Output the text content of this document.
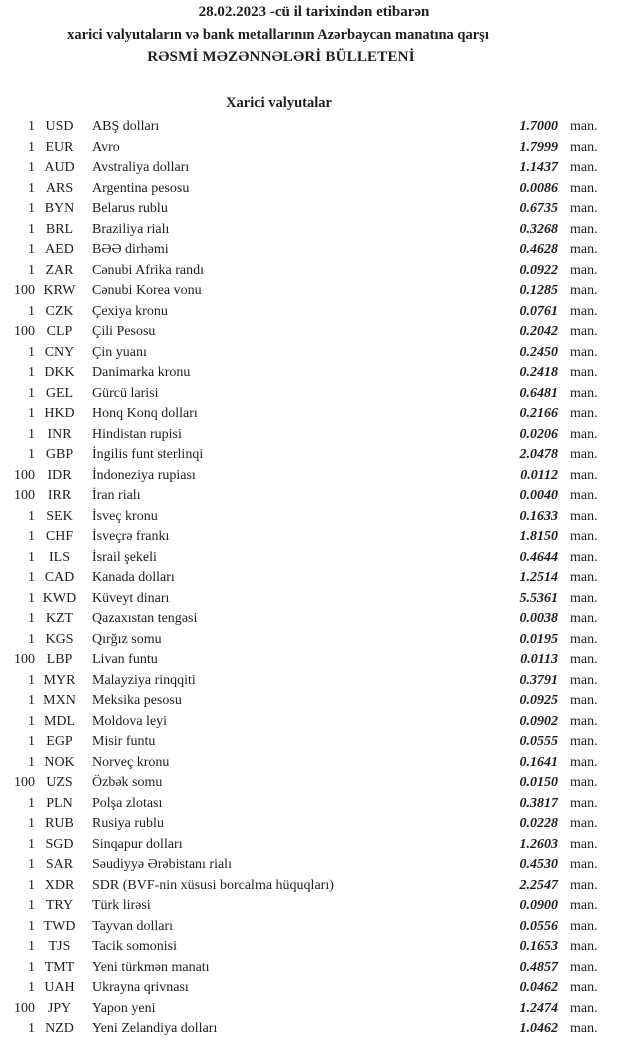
28.02.2023 -cü il tarixindən etibarən
xarici valyutaların və bank metallarının Azərbaycan manatına qarşı
RƏSMİ MƏZƏNNƏLƏRİ BÜLLETENİ
Xarici valyutalar
1 USD	ABŞ dolları	1.7000 man.
1 EUR	Avro	1.7999 man.
1 AUD	Avstraliya dolları	1.1437 man.
1 ARS	Argentina pesosu	0.0086 man.
1 BYN	Belarus rublu	0.6735 man.
1 BRL	Braziliya rialı	0.3268 man.
1 AED	BƏƏ dirhəmi	0.4628 man.
1 ZAR	Cənubi Afrika randı	0.0922 man.
100 KRW	Cənubi Korea vonu	0.1285 man.
1 CZK	Çexiya kronu	0.0761 man.
100 CLP	Çili Pesosu	0.2042 man.
1 CNY	Çin yuanı	0.2450 man.
1 DKK	Danimarka kronu	0.2418 man.
1 GEL	Gürcü larisi	0.6481 man.
1 HKD	Honq Konq dolları	0.2166 man.
1 INR	Hindistan rupisi	0.0206 man.
1 GBP	İngilis funt sterlinqi	2.0478 man.
100 IDR	İndoneziya rupiası	0.0112 man.
100 IRR	İran rialı	0.0040 man.
1 SEK	İsveç kronu	0.1633 man.
1 CHF	İsveçrə frankı	1.8150 man.
1	ILS	İsrail şekeli	0.4644 man.
1 CAD	Kanada dolları	1.2514 man.
1 KWD	Küveyt dinarı	5.5361 man.
1 KZT	Qazaxıstan tengəsi	0.0038 man.
1 KGS	Qırğız somu	0.0195 man.
100 LBP	Livan funtu	0.0113 man.
1 MYR	Malayziya rinqqiti	0.3791 man.
1 MXN	Meksika pesosu	0.0925 man.
1 MDL	Moldova leyi	0.0902 man.
1 EGP	Misir funtu	0.0555 man.
1 NOK	Norveç kronu	0.1641 man.
100 UZS	Özbək somu	0.0150 man.
1 PLN	Polşa zlotası	0.3817 man.
1 RUB	Rusiya rublu	0.0228 man.
1 SGD	Sinqapur dolları	1.2603 man.
1 SAR	Səudiyyə Ərəbistanı rialı	0.4530 man.
1 XDR	SDR (BVF-nin xüsusi borcalma hüquqları)	2.2547 man.
1 TRY	Türk lirəsi	0.0900 man.
1 TWD	Tayvan dolları	0.0556 man.
1 TJS	Tacik somonisi	0.1653 man.
1 TMT	Yeni türkmən manatı	0.4857 man.
1 UAH	Ukrayna qrivnası	0.0462 man.
100 JPY	Yapon yeni	1.2474 man.
1 NZD	Yeni Zelandiya dolları	1.0462 man.
